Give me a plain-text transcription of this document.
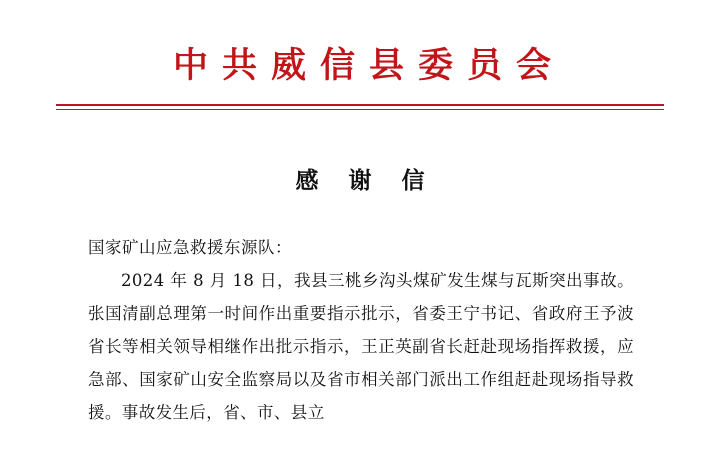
中共威信县委员会
感 谢 信
国家矿山应急救援东源队：
2024 年 8 月 18 日，我县三桃乡沟头煤矿发生煤与瓦斯突出事故。张国清副总理第一时间作出重要指示批示，省委王宁书记、省政府王予波省长等相关领导相继作出批示指示，王正英副省长赶赴现场指挥救援，应急部、国家矿山安全监察局以及省市相关部门派出工作组赶赴现场指导救援。事故发生后，省、市、县立
